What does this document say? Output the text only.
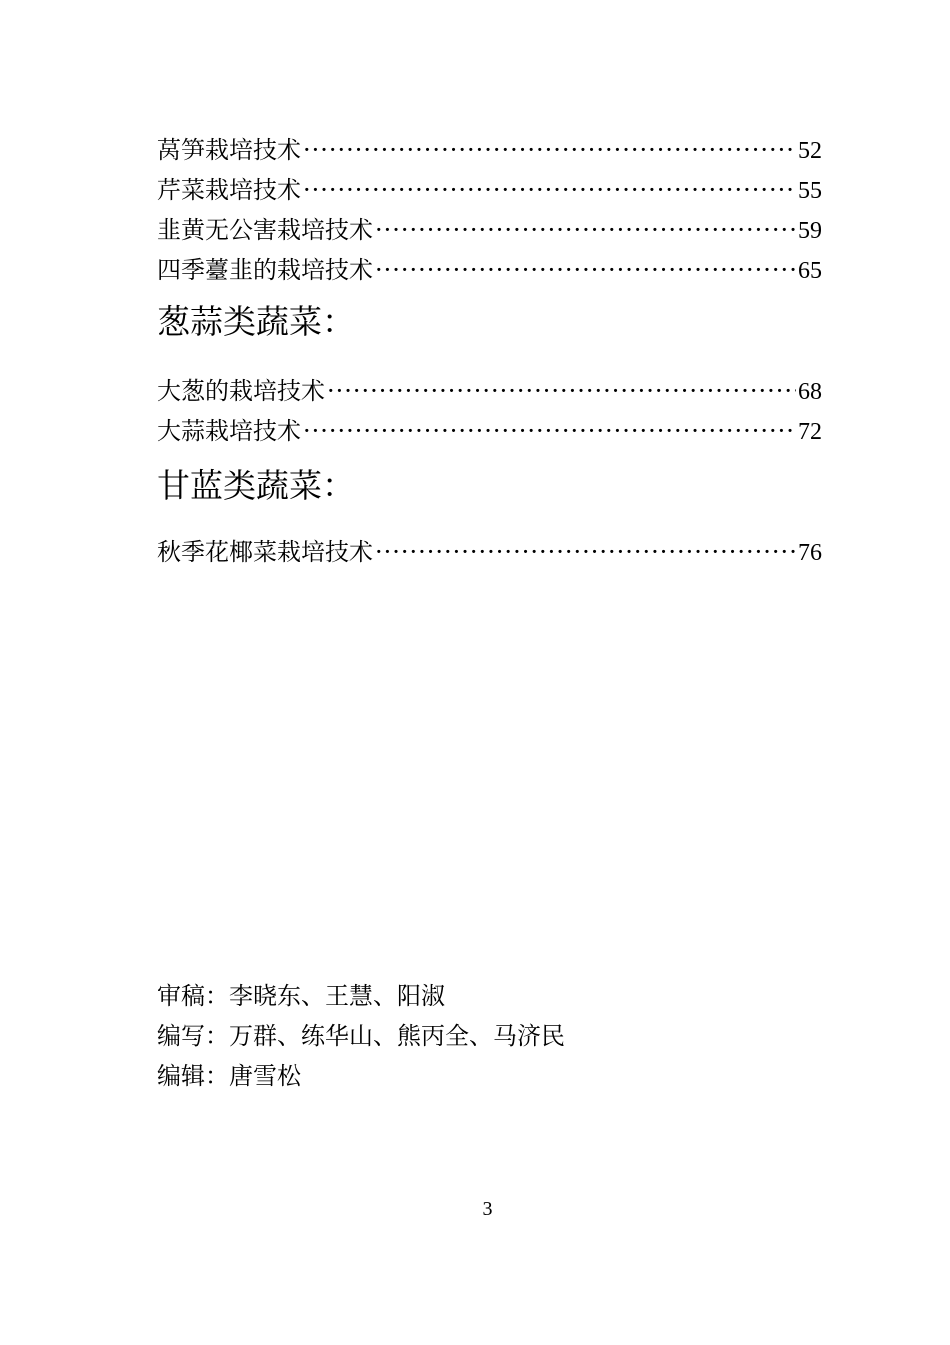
莴笋栽培技术 ·····	52
芹菜栽培技术 ·····	55
韭黄无公害栽培技术 ·····	59
四季薹韭的栽培技术 ·····	65
葱蒜类蔬菜：
大葱的栽培技术 ·····	68
大蒜栽培技术 ·····	72
甘蓝类蔬菜：
秋季花椰菜栽培技术 ·····	76
审稿：李晓东、王慧、阳淑
编写：万群、练华山、熊丙全、马济民
编辑：唐雪松
3
